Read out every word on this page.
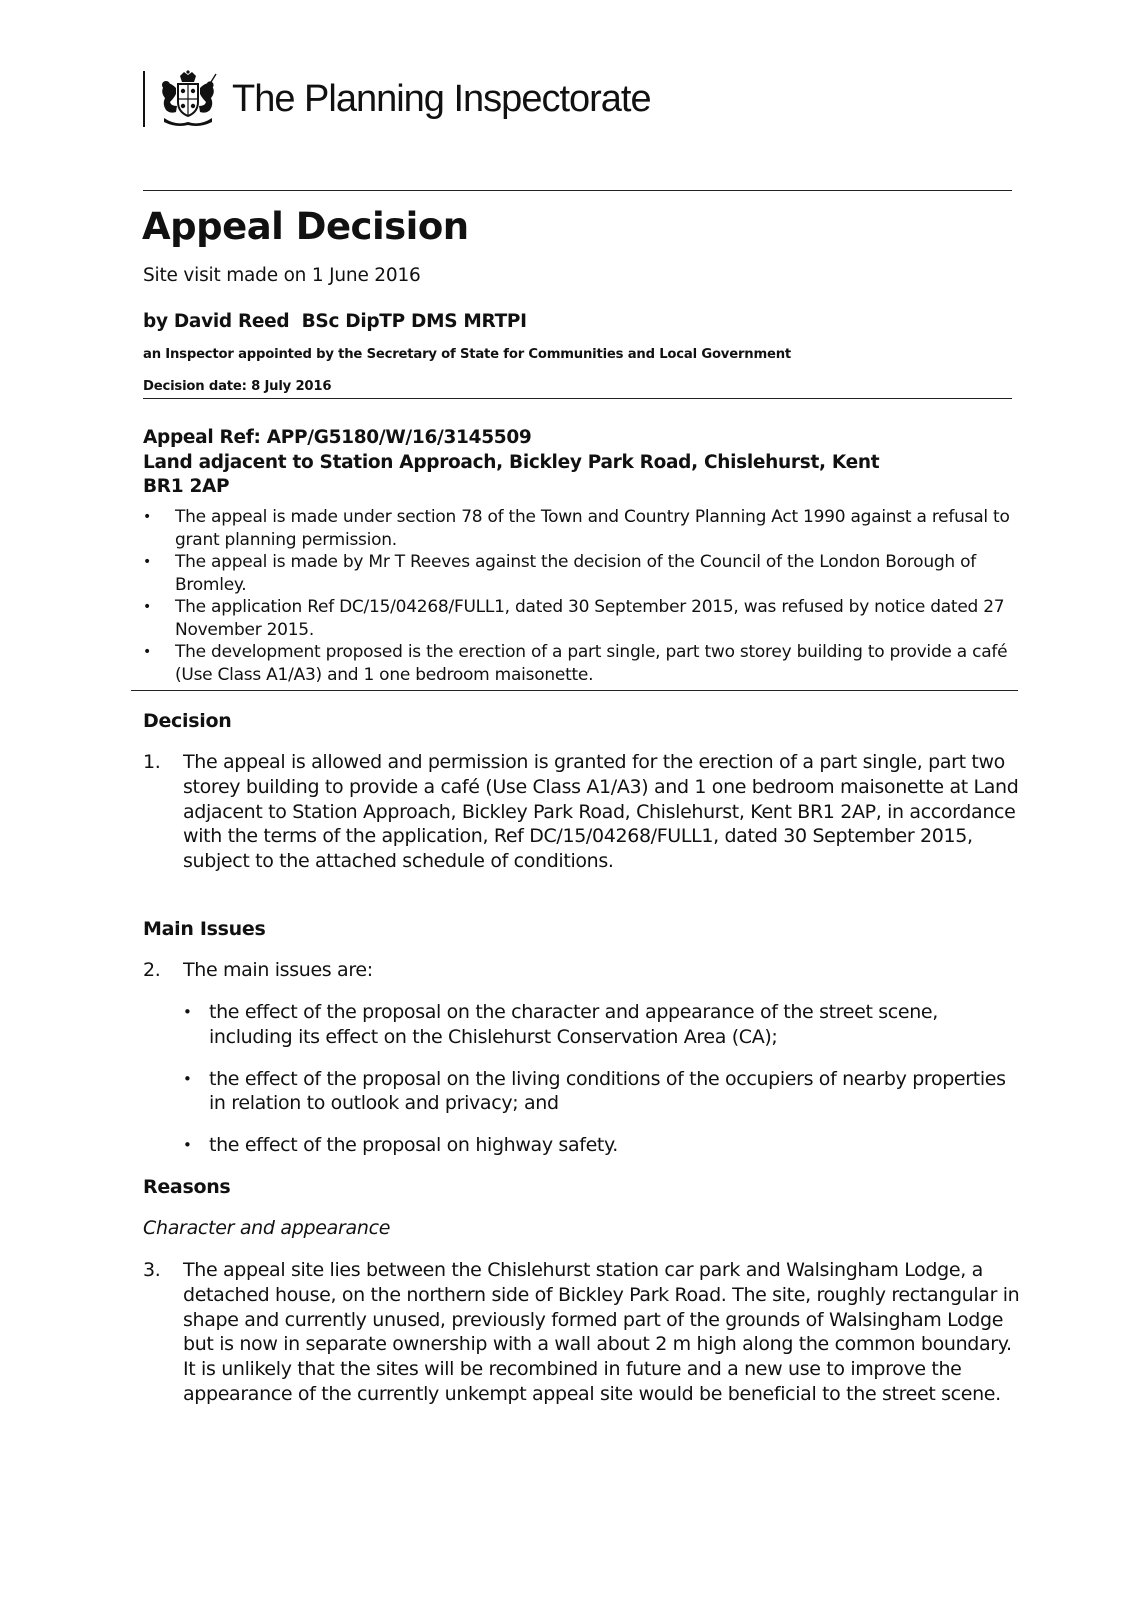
The Planning Inspectorate
Appeal Decision
Site visit made on 1 June 2016
by David Reed  BSc DipTP DMS MRTPI
an Inspector appointed by the Secretary of State for Communities and Local Government
Decision date: 8 July 2016
Appeal Ref: APP/G5180/W/16/3145509
Land adjacent to Station Approach, Bickley Park Road, Chislehurst, Kent
BR1 2AP
• The appeal is made under section 78 of the Town and Country Planning Act 1990 against a refusal to grant planning permission.
• The appeal is made by Mr T Reeves against the decision of the Council of the London Borough of Bromley.
• The application Ref DC/15/04268/FULL1, dated 30 September 2015, was refused by notice dated 27 November 2015.
• The development proposed is the erection of a part single, part two storey building to provide a café (Use Class A1/A3) and 1 one bedroom maisonette.
Decision
1. The appeal is allowed and permission is granted for the erection of a part single, part two storey building to provide a café (Use Class A1/A3) and 1 one bedroom maisonette at Land adjacent to Station Approach, Bickley Park Road, Chislehurst, Kent BR1 2AP, in accordance with the terms of the application, Ref DC/15/04268/FULL1, dated 30 September 2015, subject to the attached schedule of conditions.
Main Issues
2. The main issues are:
• the effect of the proposal on the character and appearance of the street scene, including its effect on the Chislehurst Conservation Area (CA);
• the effect of the proposal on the living conditions of the occupiers of nearby properties in relation to outlook and privacy; and
• the effect of the proposal on highway safety.
Reasons
Character and appearance
3. The appeal site lies between the Chislehurst station car park and Walsingham Lodge, a detached house, on the northern side of Bickley Park Road. The site, roughly rectangular in shape and currently unused, previously formed part of the grounds of Walsingham Lodge but is now in separate ownership with a wall about 2 m high along the common boundary. It is unlikely that the sites will be recombined in future and a new use to improve the appearance of the currently unkempt appeal site would be beneficial to the street scene.
